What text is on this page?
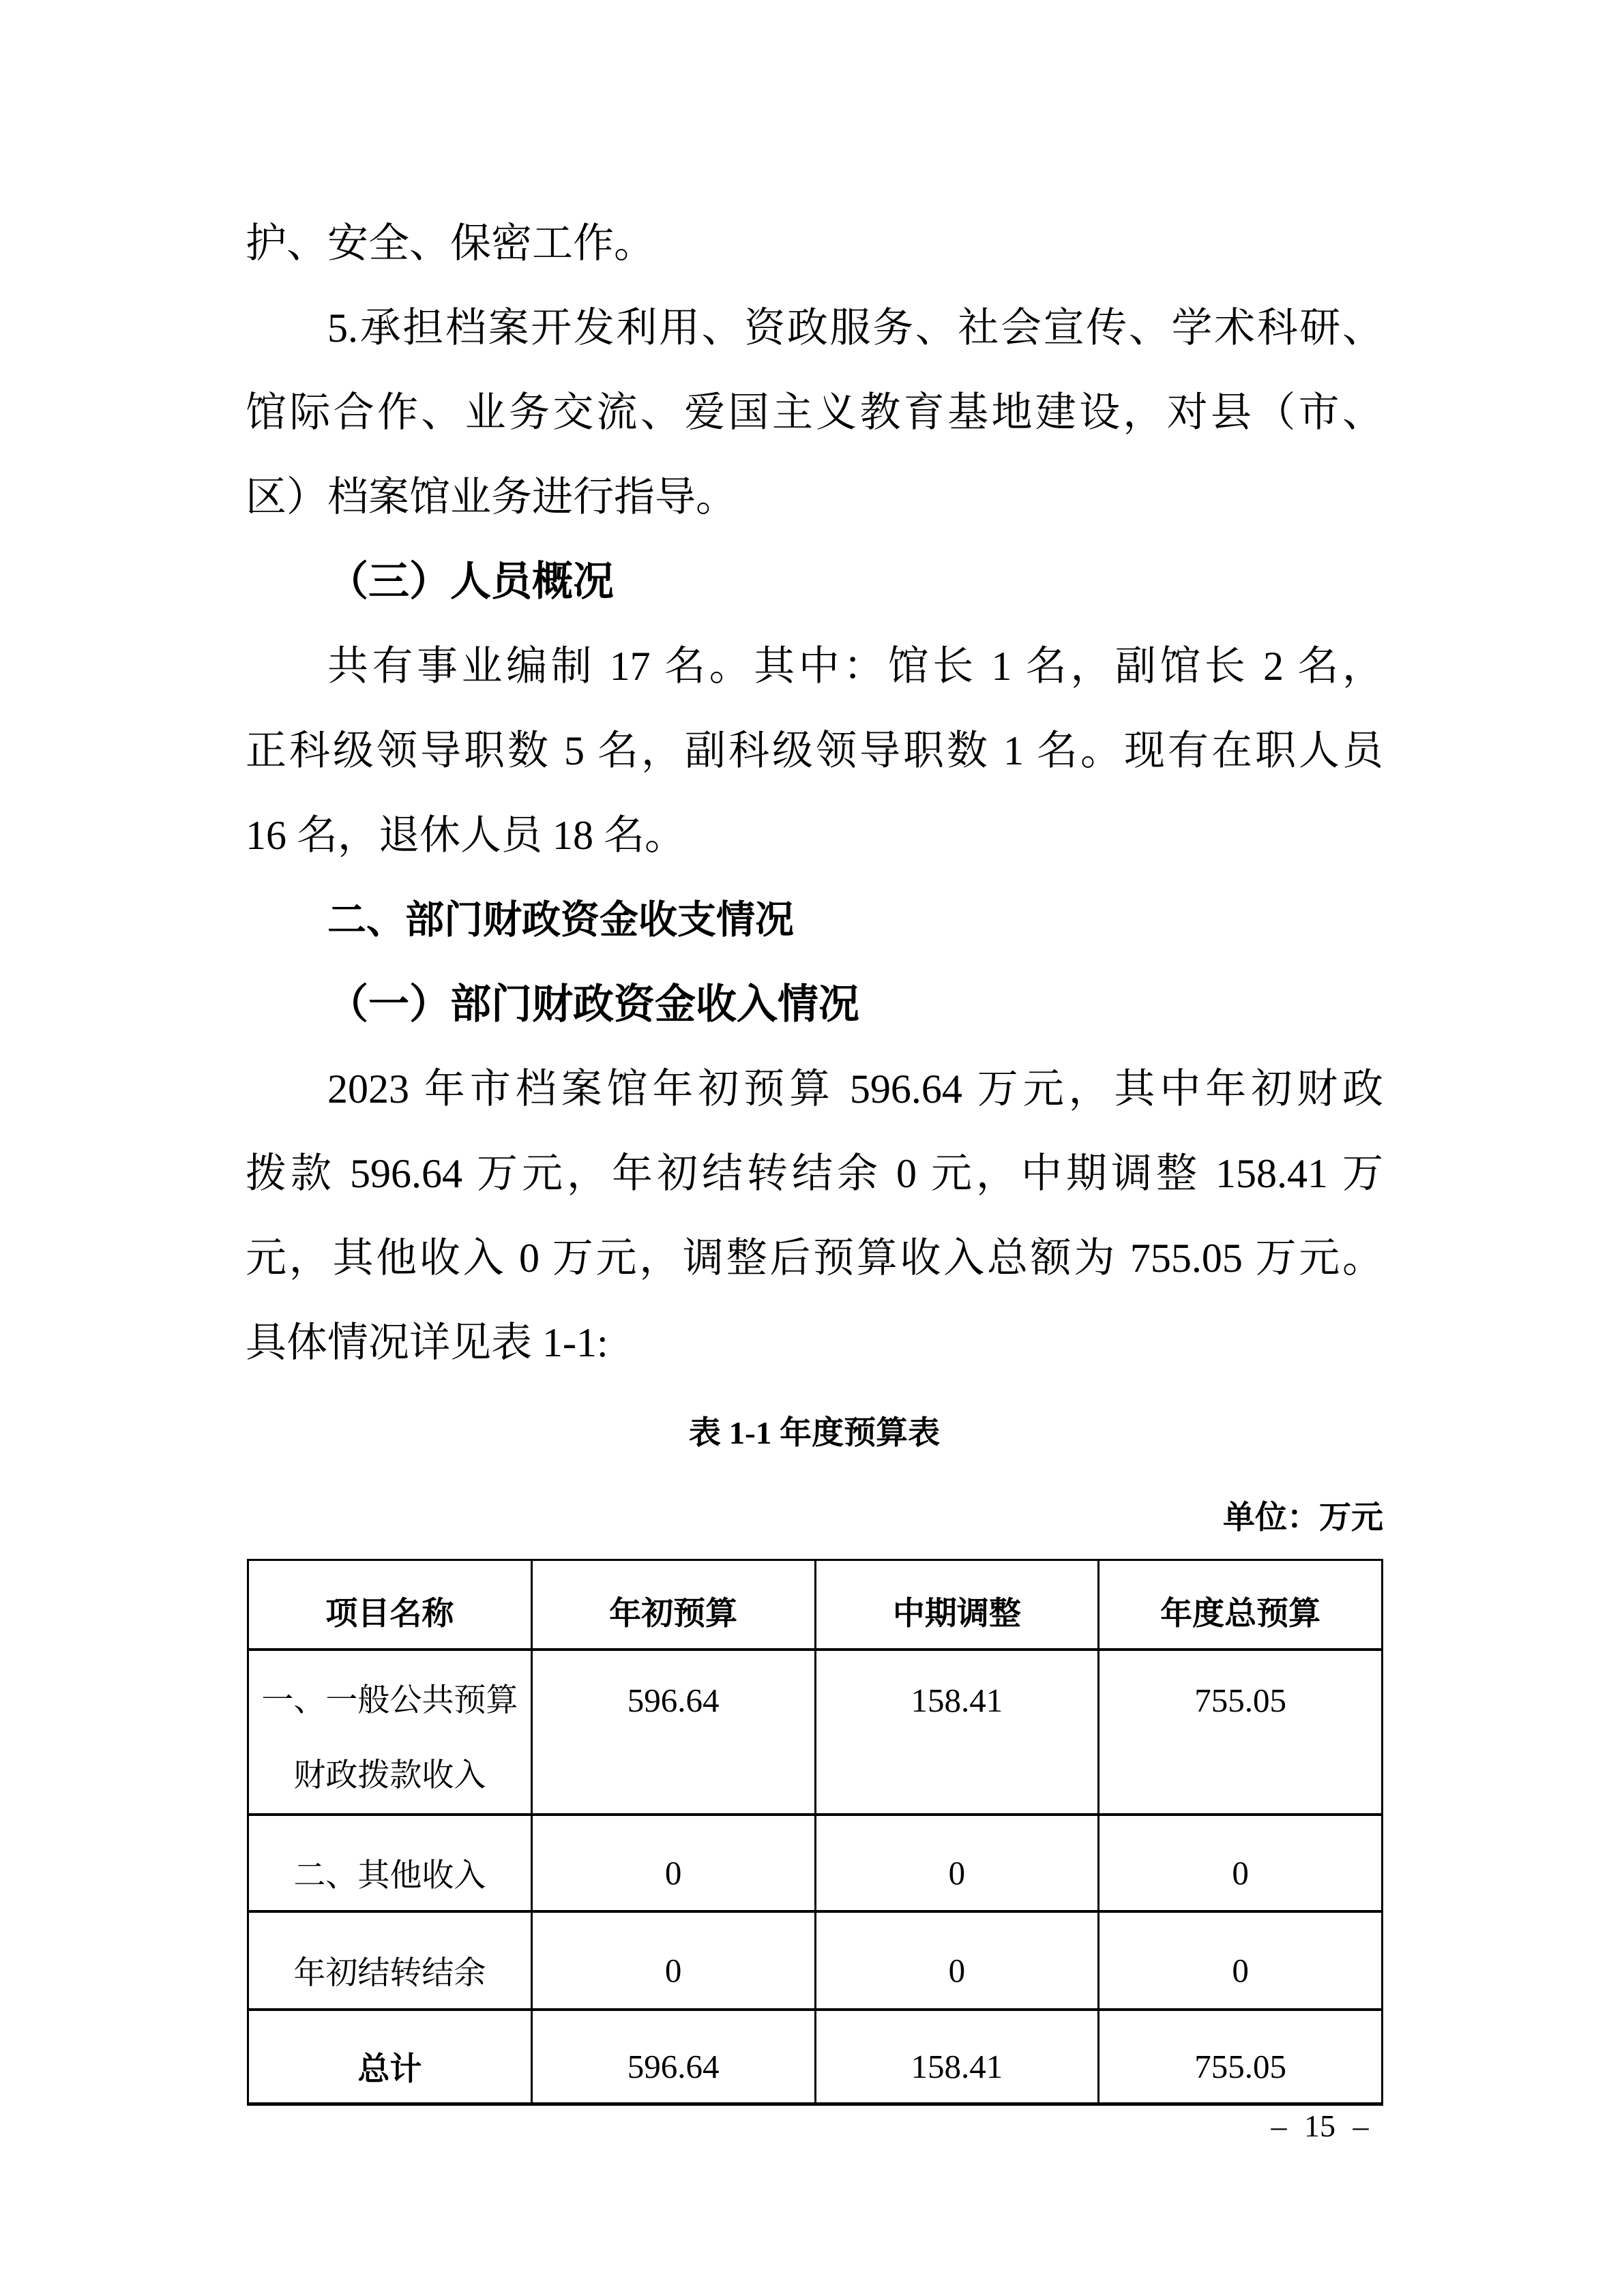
护、安全、保密工作。
5.承担档案开发利用、资政服务、社会宣传、学术科研、
馆际合作、业务交流、爱国主义教育基地建设，对县（市、
区）档案馆业务进行指导。
（三）人员概况
共有事业编制 17 名。其中：馆长 1 名，副馆长 2 名，
正科级领导职数 5 名，副科级领导职数 1 名。现有在职人员
16 名，退休人员 18 名。
二、部门财政资金收支情况
（一）部门财政资金收入情况
2023 年市档案馆年初预算 596.64 万元，其中年初财政
拨款 596.64 万元，年初结转结余 0 元，中期调整 158.41 万
元，其他收入 0 万元，调整后预算收入总额为 755.05 万元。
具体情况详见表 1-1:
表 1-1 年度预算表
单位：万元
项目名称	年初预算	中期调整	年度总预算

一、一般公共预算
财政拨款收入	596.64	158.41	755.05
二、其他收入	0	0	0
年初结转结余	0	0	0
总计	596.64	158.41	755.05
– 15 –
